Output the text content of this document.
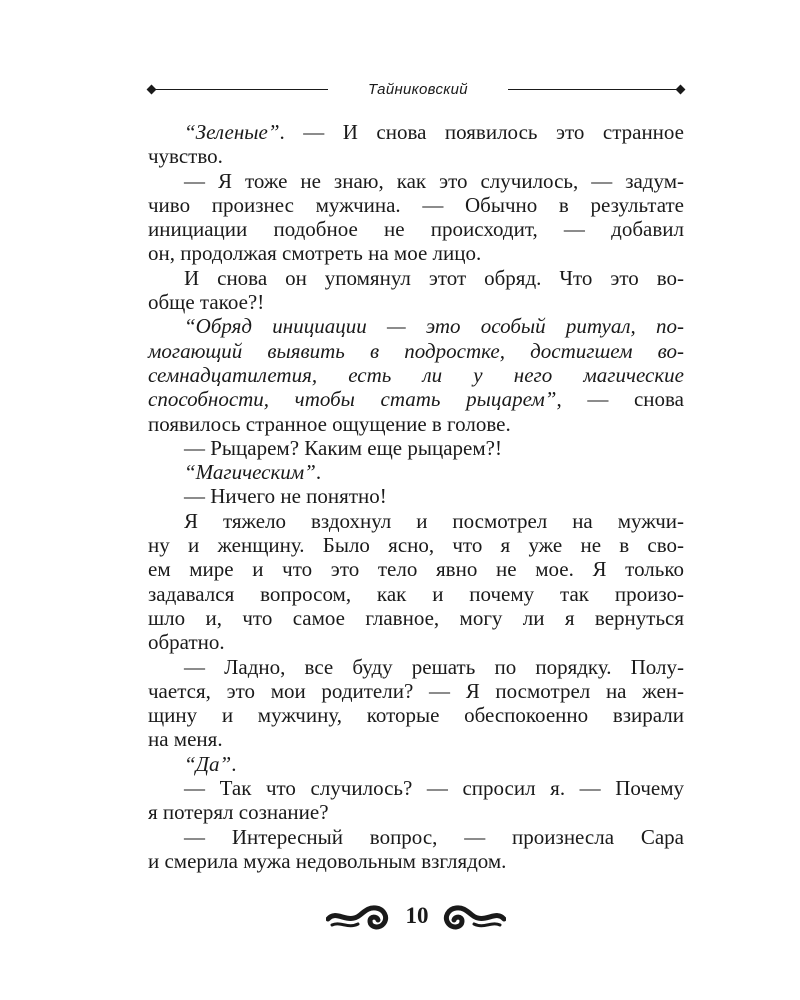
Тайниковский

“Зеленые”. — И снова появилось это странное
чувство.

— Я тоже не знаю, как это случилось, — задум-
чиво произнес мужчина. — Обычно в результате
инициации подобное не происходит, — добавил
он, продолжая смотреть на мое лицо.

И снова он упомянул этот обряд. Что это во-
обще такое?!

“Обряд инициации — это особый ритуал, по-
могающий выявить в подростке, достигшем во-
семнадцатилетия, есть ли у него магические
способности, чтобы стать рыцарем”, — снова
появилось странное ощущение в голове.

— Рыцарем? Каким еще рыцарем?!

“Магическим”.

— Ничего не понятно!

Я тяжело вздохнул и посмотрел на мужчи-
ну и женщину. Было ясно, что я уже не в сво-
ем мире и что это тело явно не мое. Я только
задавался вопросом, как и почему так произо-
шло и, что самое главное, могу ли я вернуться
обратно.

— Ладно, все буду решать по порядку. Полу-
чается, это мои родители? — Я посмотрел на жен-
щину и мужчину, которые обеспокоенно взирали
на меня.

“Да”.

— Так что случилось? — спросил я. — Почему
я потерял сознание?

— Интересный вопрос, — произнесла Сара
и смерила мужа недовольным взглядом.

10
